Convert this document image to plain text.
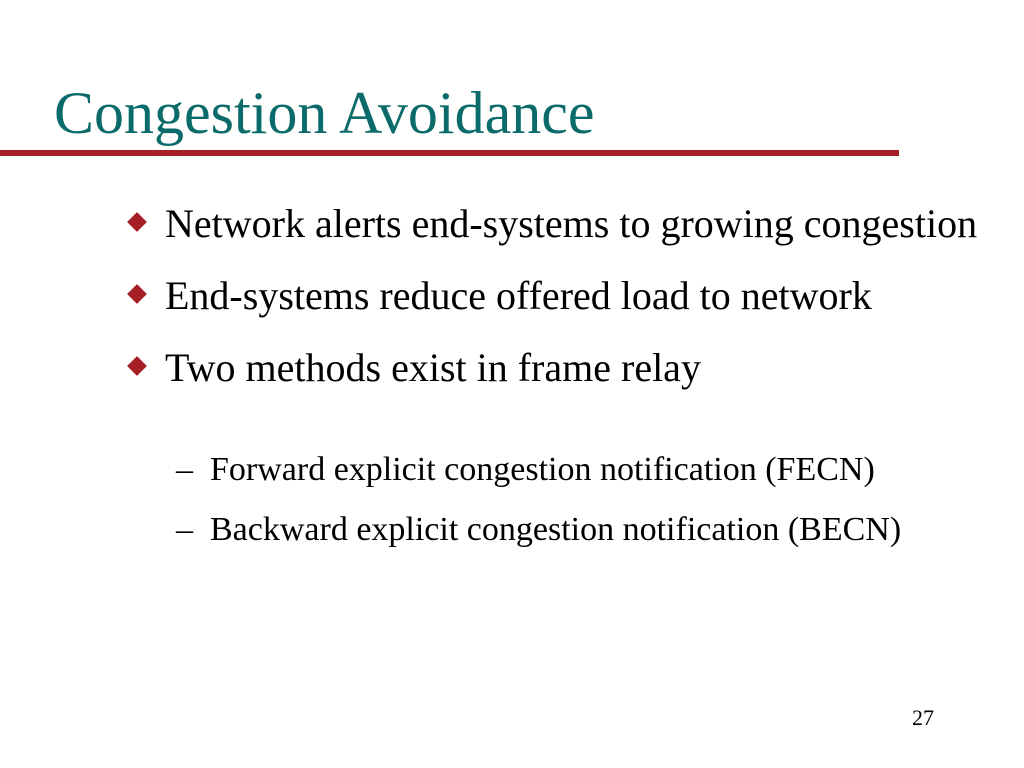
Congestion Avoidance
Network alerts end-systems to growing congestion
End-systems reduce offered load to network
Two methods exist in frame relay
– Forward explicit congestion notification (FECN)
– Backward explicit congestion notification (BECN)
27
